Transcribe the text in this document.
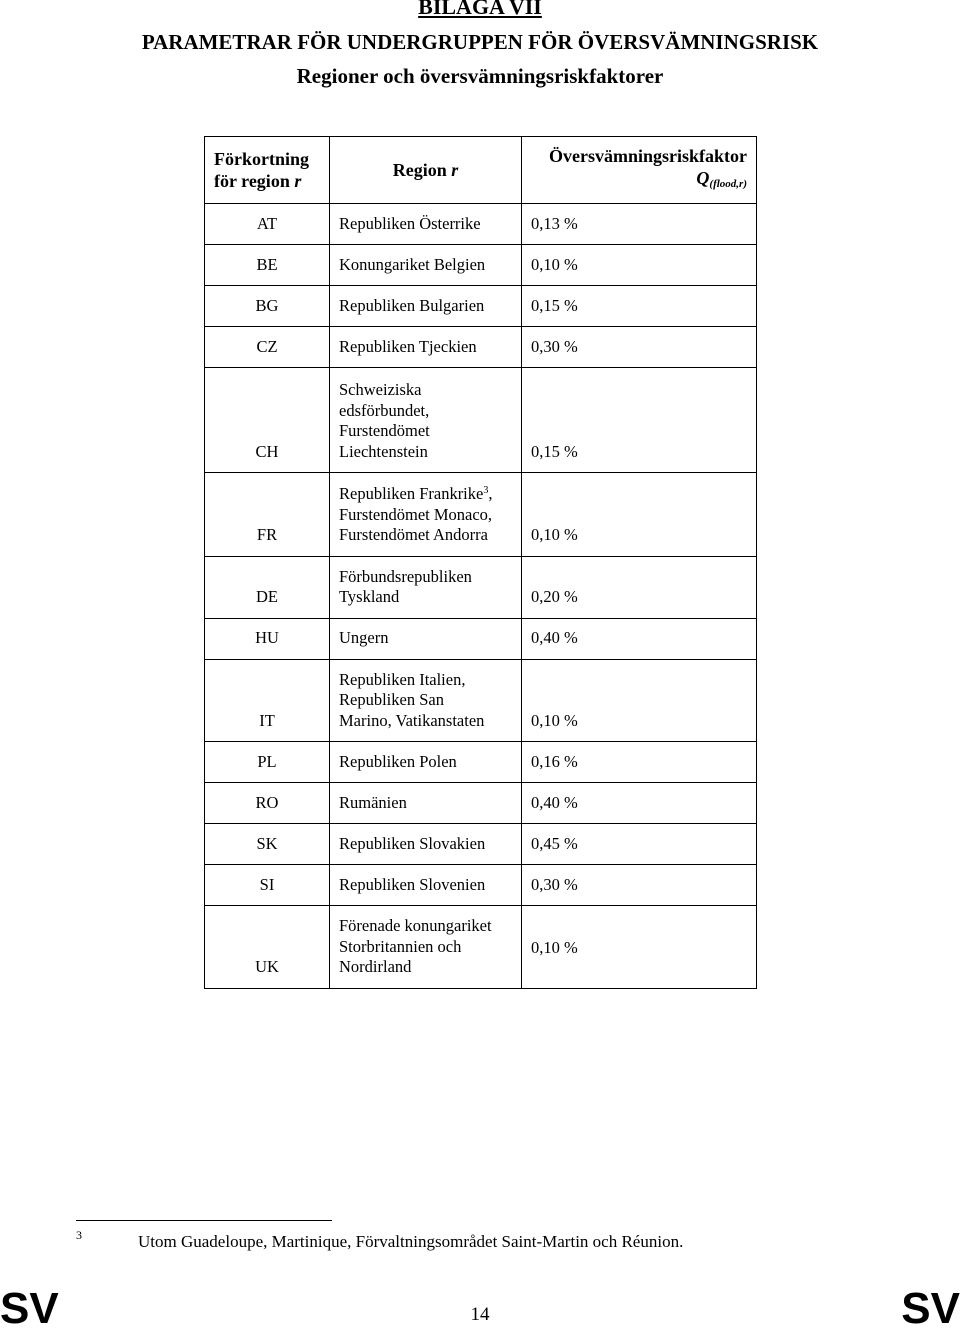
BILAGA VII
PARAMETRAR FÖR UNDERGRUPPEN FÖR ÖVERSVÄMNINGSRISK
Regioner och översvämningsriskfaktorer
Förkortning
för region r	Region r	Översvämningsriskfaktor
Q(flood,r)
AT	Republiken Österrike	0,13 %
BE	Konungariket Belgien	0,10 %
BG	Republiken Bulgarien	0,15 %
CZ	Republiken Tjeckien	0,30 %
CH	Schweiziska
edsförbundet,
Furstendömet
Liechtenstein	0,15 %
FR	Republiken Frankrike$^3$,
Furstendömet Monaco,
Furstendömet Andorra	0,10 %
DE	Förbundsrepubliken
Tyskland	0,20 %
HU	Ungern	0,40 %
IT	Republiken Italien,
Republiken San
Marino, Vatikanstaten	0,10 %
PL	Republiken Polen	0,16 %
RO	Rumänien	0,40 %
SK	Republiken Slovakien	0,45 %
SI	Republiken Slovenien	0,30 %
UK	Förenade konungariket
Storbritannien och
Nordirland	0,10 %
3	Utom Guadeloupe, Martinique, Förvaltningsområdet Saint-Martin och Réunion.
SV	14	SV
